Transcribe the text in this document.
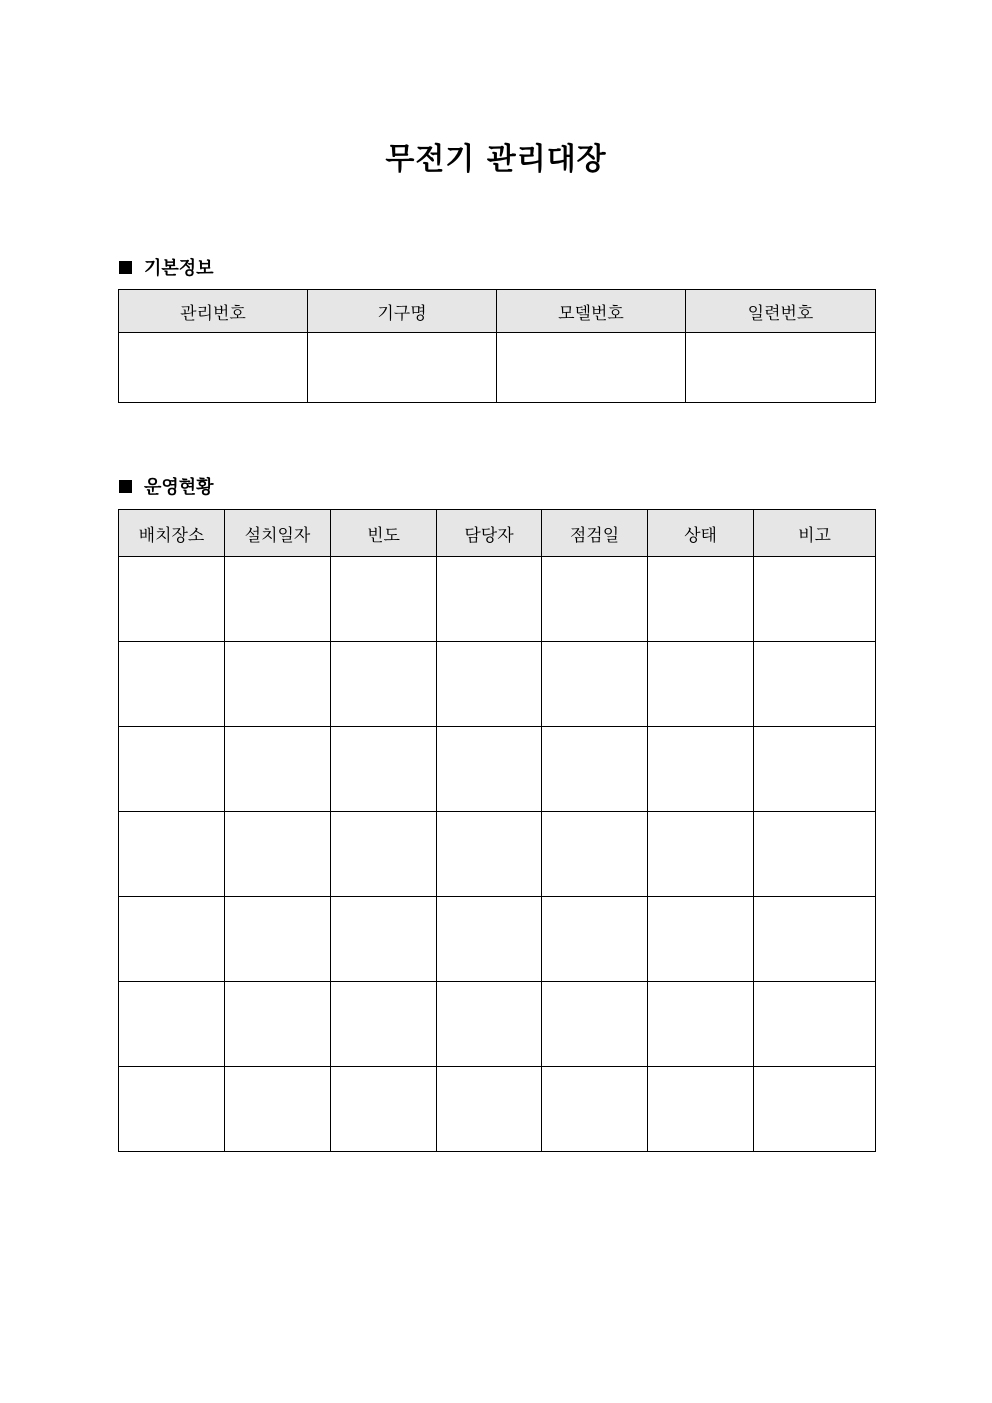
무전기 관리대장
기본정보
관리번호	기구명	모델번호	일련번호

운영현황
배치장소	설치일자	빈도	담당자	점검일	상태	비고
